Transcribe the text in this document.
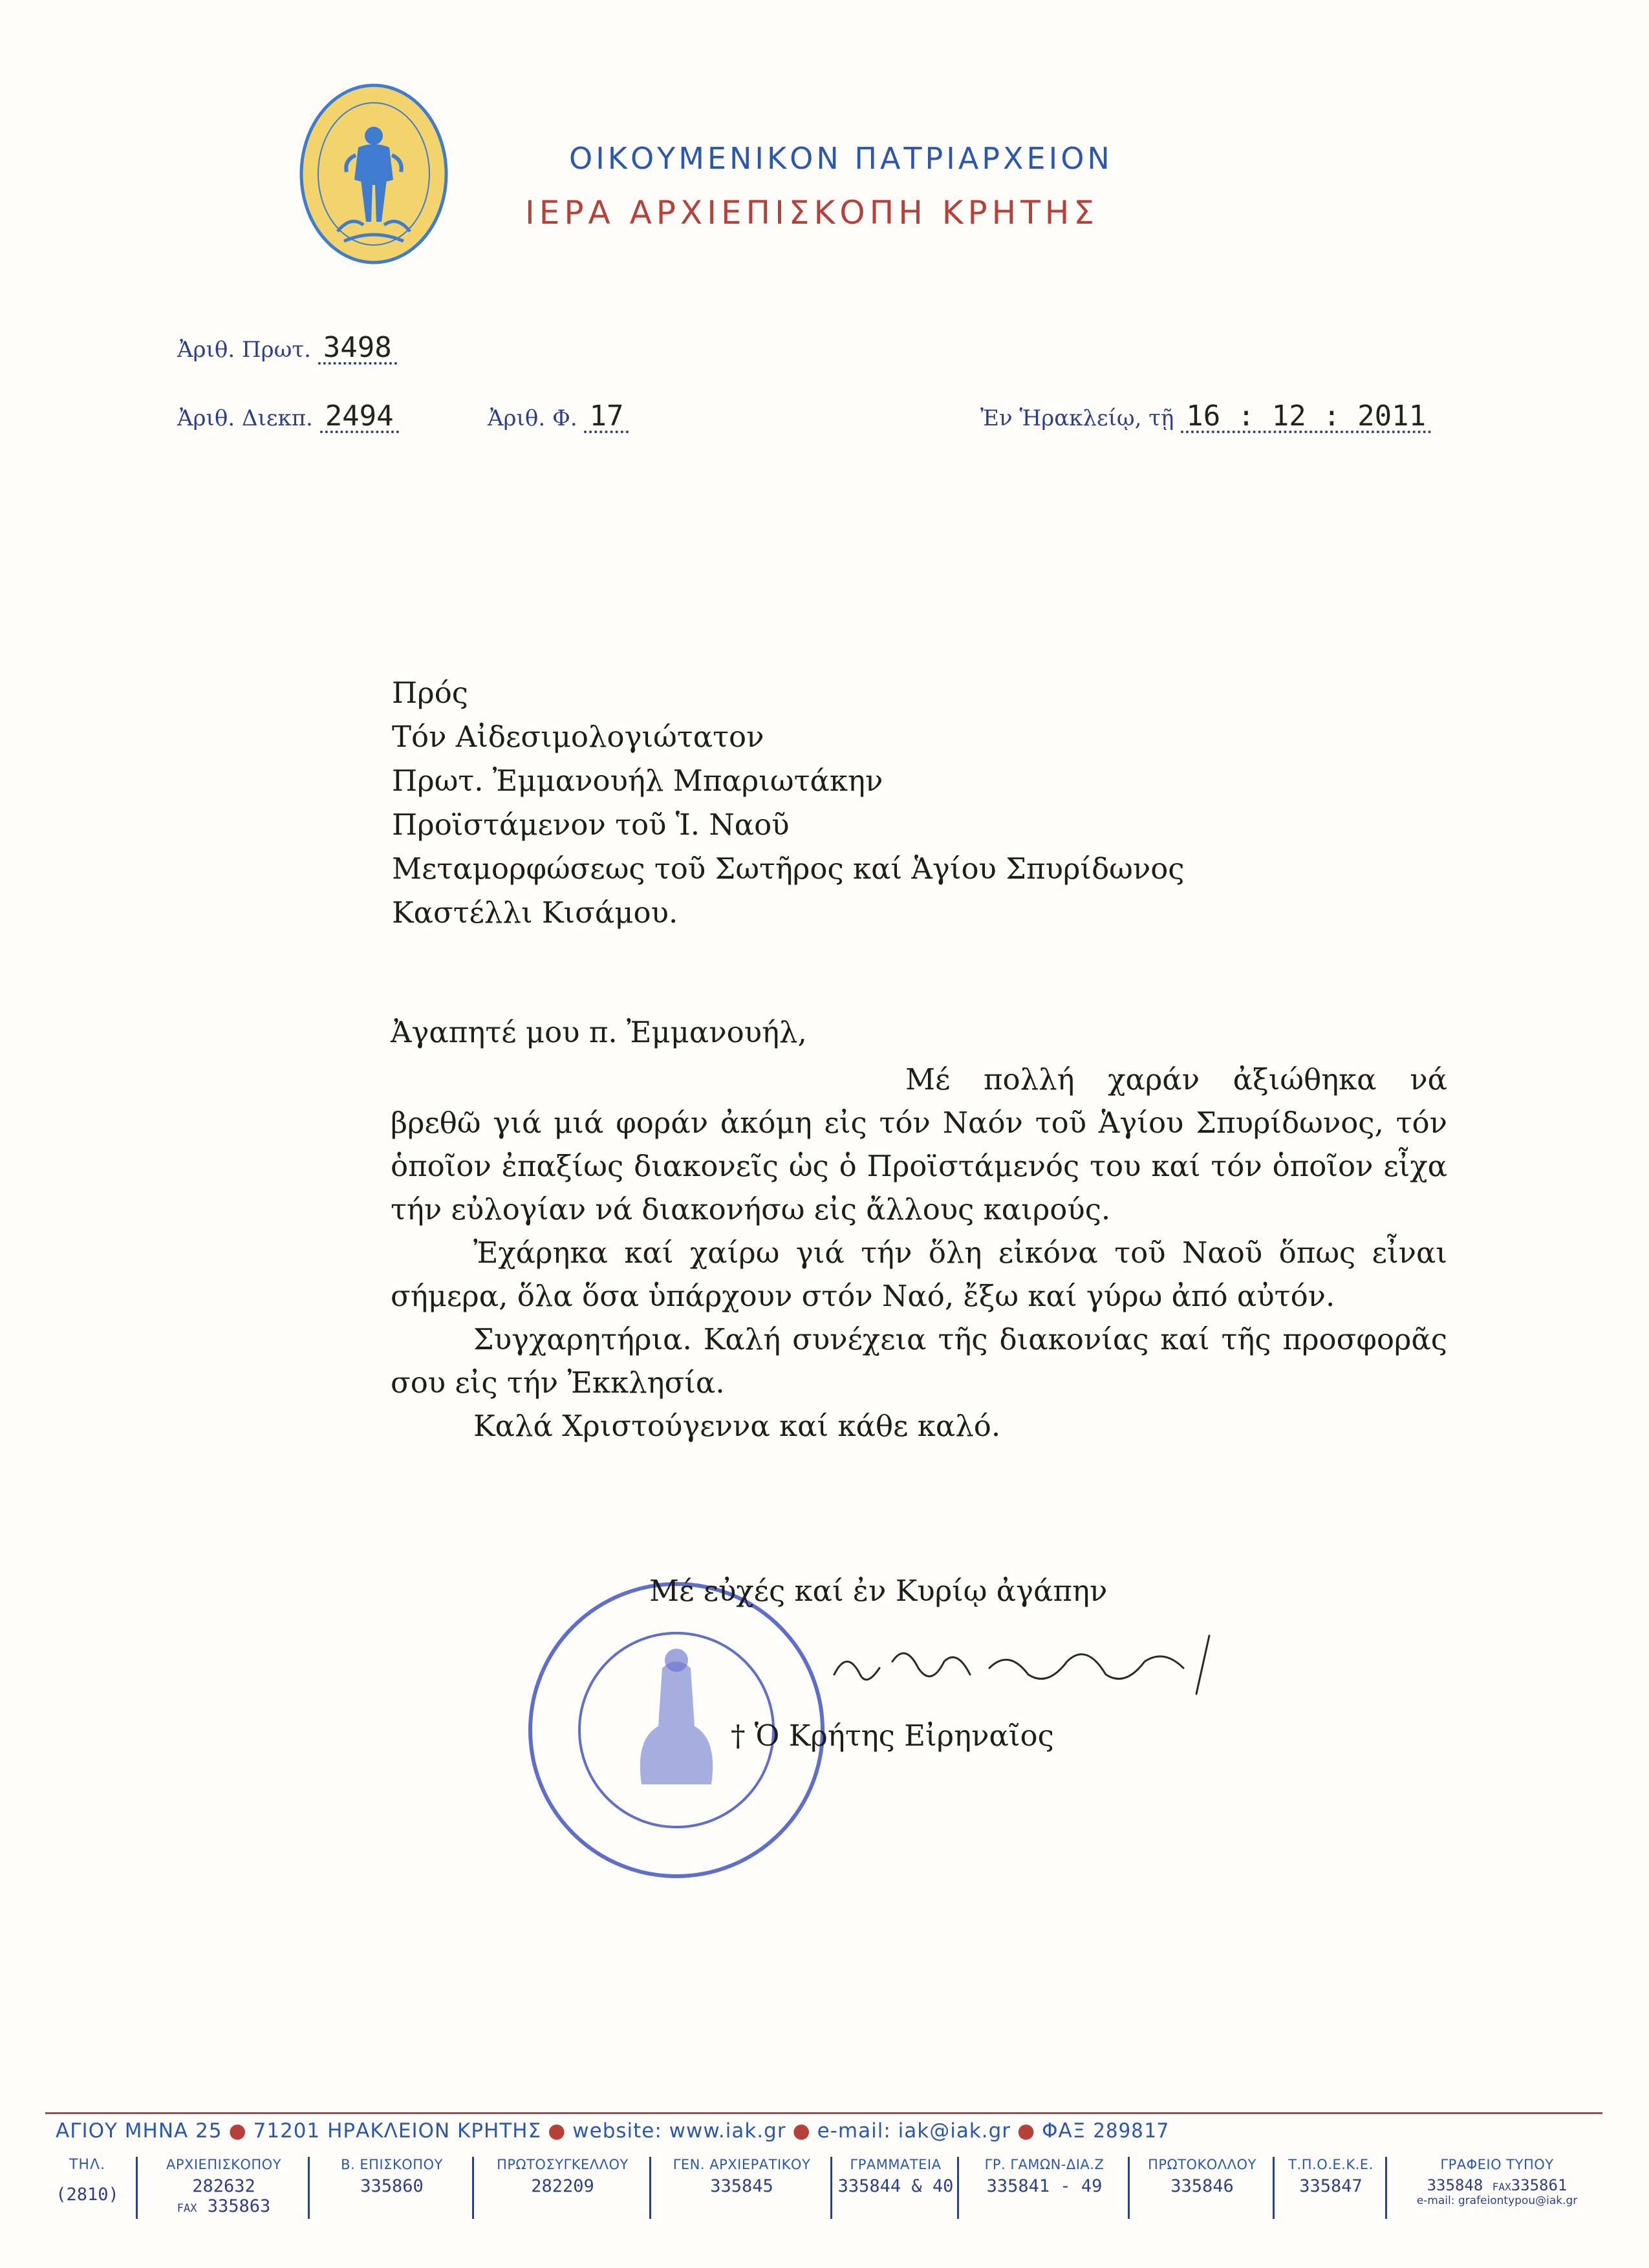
ΟΙΚΟΥΜΕΝΙΚΟΝ ΠΑΤΡΙΑΡΧΕΙΟΝ
ΙΕΡΑ ΑΡΧΙΕΠΙΣΚΟΠΗ ΚΡΗΤΗΣ
Ἀριθ. Πρωτ. 3498
Ἀριθ. Διεκπ. 2494	Ἀριθ. Φ. 17	Ἐν Ἡρακλείῳ, τῇ 16 : 12 : 2011
Πρός
Τόν Αἰδεσιμολογιώτατον
Πρωτ. Ἐμμανουήλ Μπαριωτάκην
Προϊστάμενον τοῦ Ἱ. Ναοῦ
Μεταμορφώσεως τοῦ Σωτῆρος καί Ἁγίου Σπυρίδωνος
Καστέλλι Κισάμου.
Ἀγαπητέ μου π. Ἐμμανουήλ,

Μέ πολλή χαράν ἀξιώθηκα νά βρεθῶ γιά μιά φοράν ἀκόμη εἰς τόν Ναόν τοῦ Ἁγίου Σπυρίδωνος, τόν ὁποῖον ἐπαξίως διακονεῖς ὡς ὁ Προϊστάμενός του καί τόν ὁποῖον εἶχα τήν εὐλογίαν νά διακονήσω εἰς ἄλλους καιρούς.

Ἐχάρηκα καί χαίρω γιά τήν ὅλη εἰκόνα τοῦ Ναοῦ ὅπως εἶναι σήμερα, ὅλα ὅσα ὑπάρχουν στόν Ναό, ἔξω καί γύρω ἀπό αὐτόν.

Συγχαρητήρια. Καλή συνέχεια τῆς διακονίας καί τῆς προσφορᾶς σου εἰς τήν Ἐκκλησία.

Καλά Χριστούγεννα καί κάθε καλό.

Μέ εὐχές καί ἐν Κυρίῳ ἀγάπην
† Ὁ Κρήτης Εἰρηναῖος
ΑΓΙΟΥ ΜΗΝΑ 25 ● 71201 ΗΡΑΚΛΕΙΟΝ ΚΡΗΤΗΣ ● website: www.iak.gr ● e-mail: iak@iak.gr ● ΦΑΞ 289817
ΤΗΛ.
(2810)
ΑΡΧΙΕΠΙΣΚΟΠΟΥ
282632
FAX 335863
Β. ΕΠΙΣΚΟΠΟΥ
335860
ΠΡΩΤΟΣΥΓΚΕΛΛΟΥ
282209
ΓΕΝ. ΑΡΧΙΕΡΑΤΙΚΟΥ
335845
ΓΡΑΜΜΑΤΕΙΑ
335844 & 40
ΓΡ. ΓΑΜΩΝ-ΔΙΑ.Ζ
335841 - 49
ΠΡΩΤΟΚΟΛΛΟΥ
335846
Τ.Π.Ο.Ε.Κ.Ε.
335847
ΓΡΑΦΕΙΟ ΤΥΠΟΥ
335848 FAX335861
e-mail: grafeiontypou@iak.gr
